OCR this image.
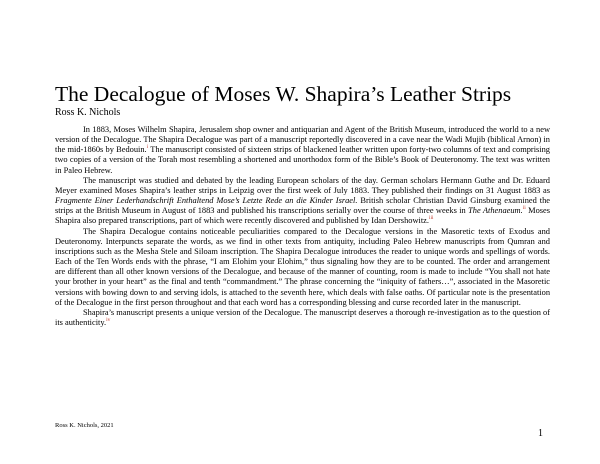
The Decalogue of Moses W. Shapira’s Leather Strips
Ross K. Nichols

In 1883, Moses Wilhelm Shapira, Jerusalem shop owner and antiquarian and Agent of the British Museum, introduced the world to a new version of the Decalogue. The Shapira Decalogue was part of a manuscript reportedly discovered in a cave near the Wadi Mujib (biblical Arnon) in the mid-1860s by Bedouin.$^i$ The manuscript consisted of sixteen strips of blackened leather written upon forty-two columns of text and comprising two copies of a version of the Torah most resembling a shortened and unorthodox form of the Bible’s Book of Deuteronomy. The text was written in Paleo Hebrew.

The manuscript was studied and debated by the leading European scholars of the day. German scholars Hermann Guthe and Dr. Eduard Meyer examined Moses Shapira’s leather strips in Leipzig over the first week of July 1883. They published their findings on 31 August 1883 as Fragmente Einer Lederhandschrift Enthaltend Mose’s Letzte Rede an die Kinder Israel. British scholar Christian David Ginsburg examined the strips at the British Museum in August of 1883 and published his transcriptions serially over the course of three weeks in The Athenaeum.$^{ii}$ Moses Shapira also prepared transcriptions, part of which were recently discovered and published by Idan Dershowitz.$^{iii}$

The Shapira Decalogue contains noticeable peculiarities compared to the Decalogue versions in the Masoretic texts of Exodus and Deuteronomy. Interpuncts separate the words, as we find in other texts from antiquity, including Paleo Hebrew manuscripts from Qumran and inscriptions such as the Mesha Stele and Siloam inscription. The Shapira Decalogue introduces the reader to unique words and spellings of words. Each of the Ten Words ends with the phrase, “I am Elohim your Elohim,” thus signaling how they are to be counted. The order and arrangement are different than all other known versions of the Decalogue, and because of the manner of counting, room is made to include “You shall not hate your brother in your heart” as the final and tenth “commandment.” The phrase concerning the “iniquity of fathers…”, associated in the Masoretic versions with bowing down to and serving idols, is attached to the seventh here, which deals with false oaths. Of particular note is the presentation of the Decalogue in the first person throughout and that each word has a corresponding blessing and curse recorded later in the manuscript.

Shapira’s manuscript presents a unique version of the Decalogue. The manuscript deserves a thorough re-investigation as to the question of its authenticity.$^{iv}$

Ross K. Nichols, 2021
1
